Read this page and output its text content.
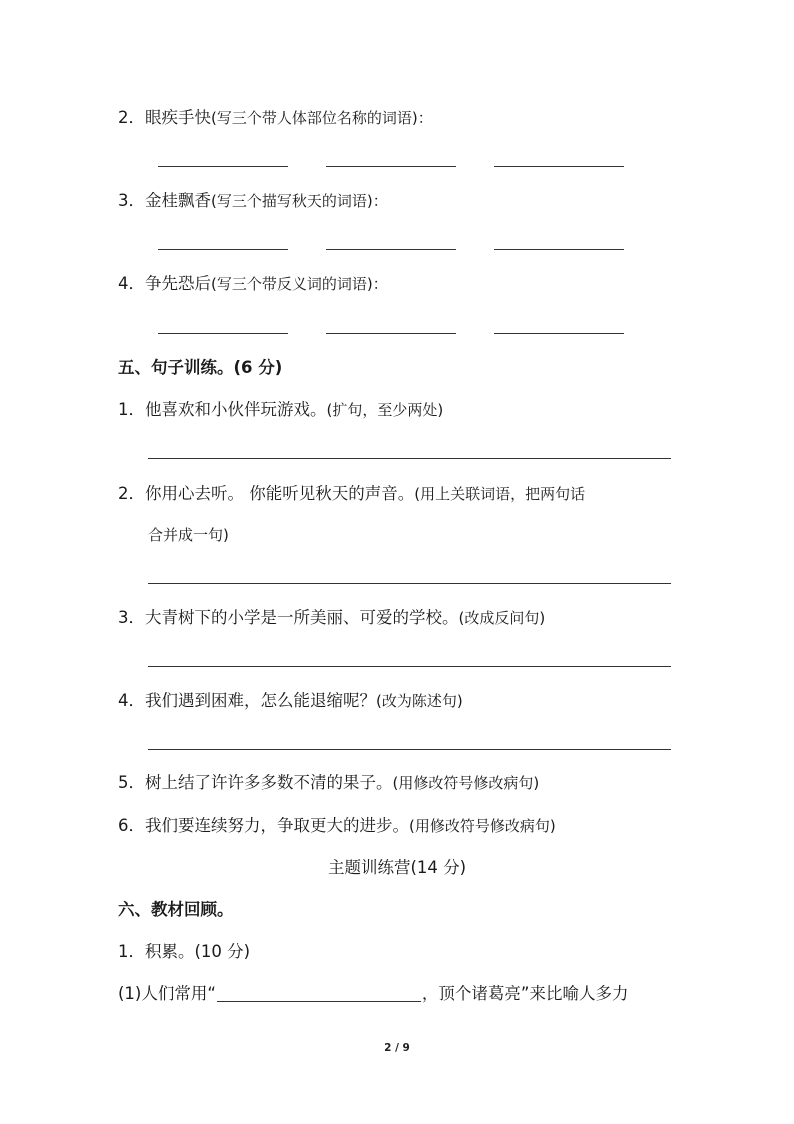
2．眼疾手快(写三个带人体部位名称的词语)：
3．金桂飘香(写三个描写秋天的词语)：
4．争先恐后(写三个带反义词的词语)：
五、句子训练。(6 分)
1．他喜欢和小伙伴玩游戏。(扩句，至少两处)
2．你用心去听。 你能听见秋天的声音。(用上关联词语，把两句话
合并成一句)
3．大青树下的小学是一所美丽、可爱的学校。(改成反问句)
4．我们遇到困难，怎么能退缩呢？(改为陈述句)
5．树上结了许许多多数不清的果子。(用修改符号修改病句)
6．我们要连续努力，争取更大的进步。(用修改符号修改病句)
主题训练营(14 分)
六、教材回顾。
1．积累。(10 分)
(1)人们常用“	，顶个诸葛亮”来比喻人多力
2 / 9
